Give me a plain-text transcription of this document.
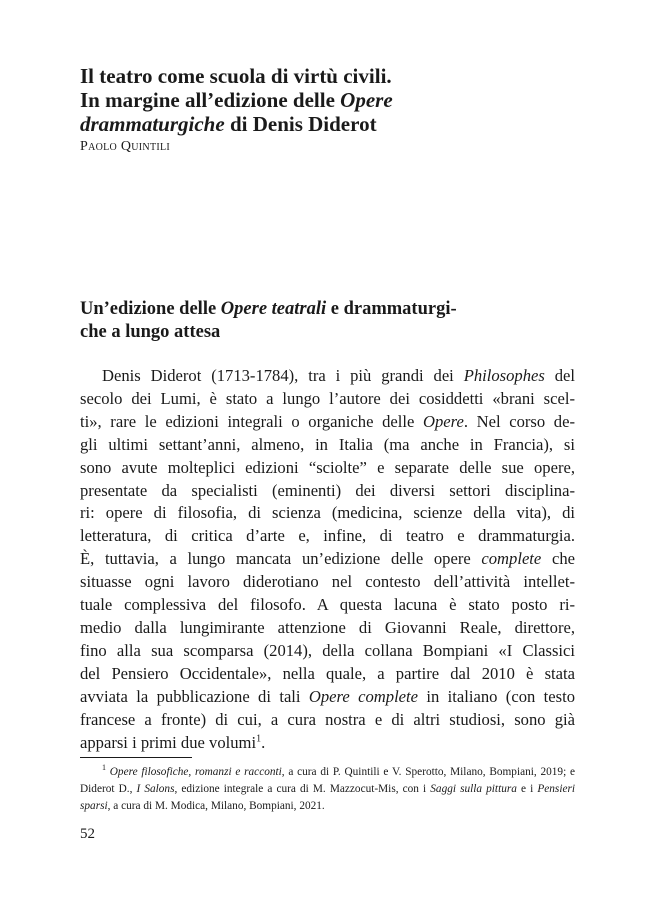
Il teatro come scuola di virtù civili.
In margine all’edizione delle Opere
drammaturgiche di Denis Diderot

Paolo Quintili

Un’edizione delle Opere teatrali e drammaturgi-
che a lungo attesa
Denis Diderot (1713-1784), tra i più grandi dei Philosophes del
secolo dei Lumi, è stato a lungo l’autore dei cosiddetti «brani scel-
ti», rare le edizioni integrali o organiche delle Opere. Nel corso de-
gli ultimi settant’anni, almeno, in Italia (ma anche in Francia), si
sono avute molteplici edizioni “sciolte” e separate delle sue opere,
presentate da specialisti (eminenti) dei diversi settori disciplina-
ri: opere di filosofia, di scienza (medicina, scienze della vita), di
letteratura, di critica d’arte e, infine, di teatro e drammaturgia.
È, tuttavia, a lungo mancata un’edizione delle opere complete che
situasse ogni lavoro diderotiano nel contesto dell’attività intellet-
tuale complessiva del filosofo. A questa lacuna è stato posto ri-
medio dalla lungimirante attenzione di Giovanni Reale, direttore,
fino alla sua scomparsa (2014), della collana Bompiani «I Classici
del Pensiero Occidentale», nella quale, a partire dal 2010 è stata
avviata la pubblicazione di tali Opere complete in italiano (con testo
francese a fronte) di cui, a cura nostra e di altri studiosi, sono già
apparsi i primi due volumi$^1$.
$^1$ Opere filosofiche, romanzi e racconti, a cura di P. Quintili e V. Sperotto, Milano, Bompiani, 2019; e
Diderot D., I Salons, edizione integrale a cura di M. Mazzocut-Mis, con i Saggi sulla pittura e i Pensieri
sparsi, a cura di M. Modica, Milano, Bompiani, 2021.

52
